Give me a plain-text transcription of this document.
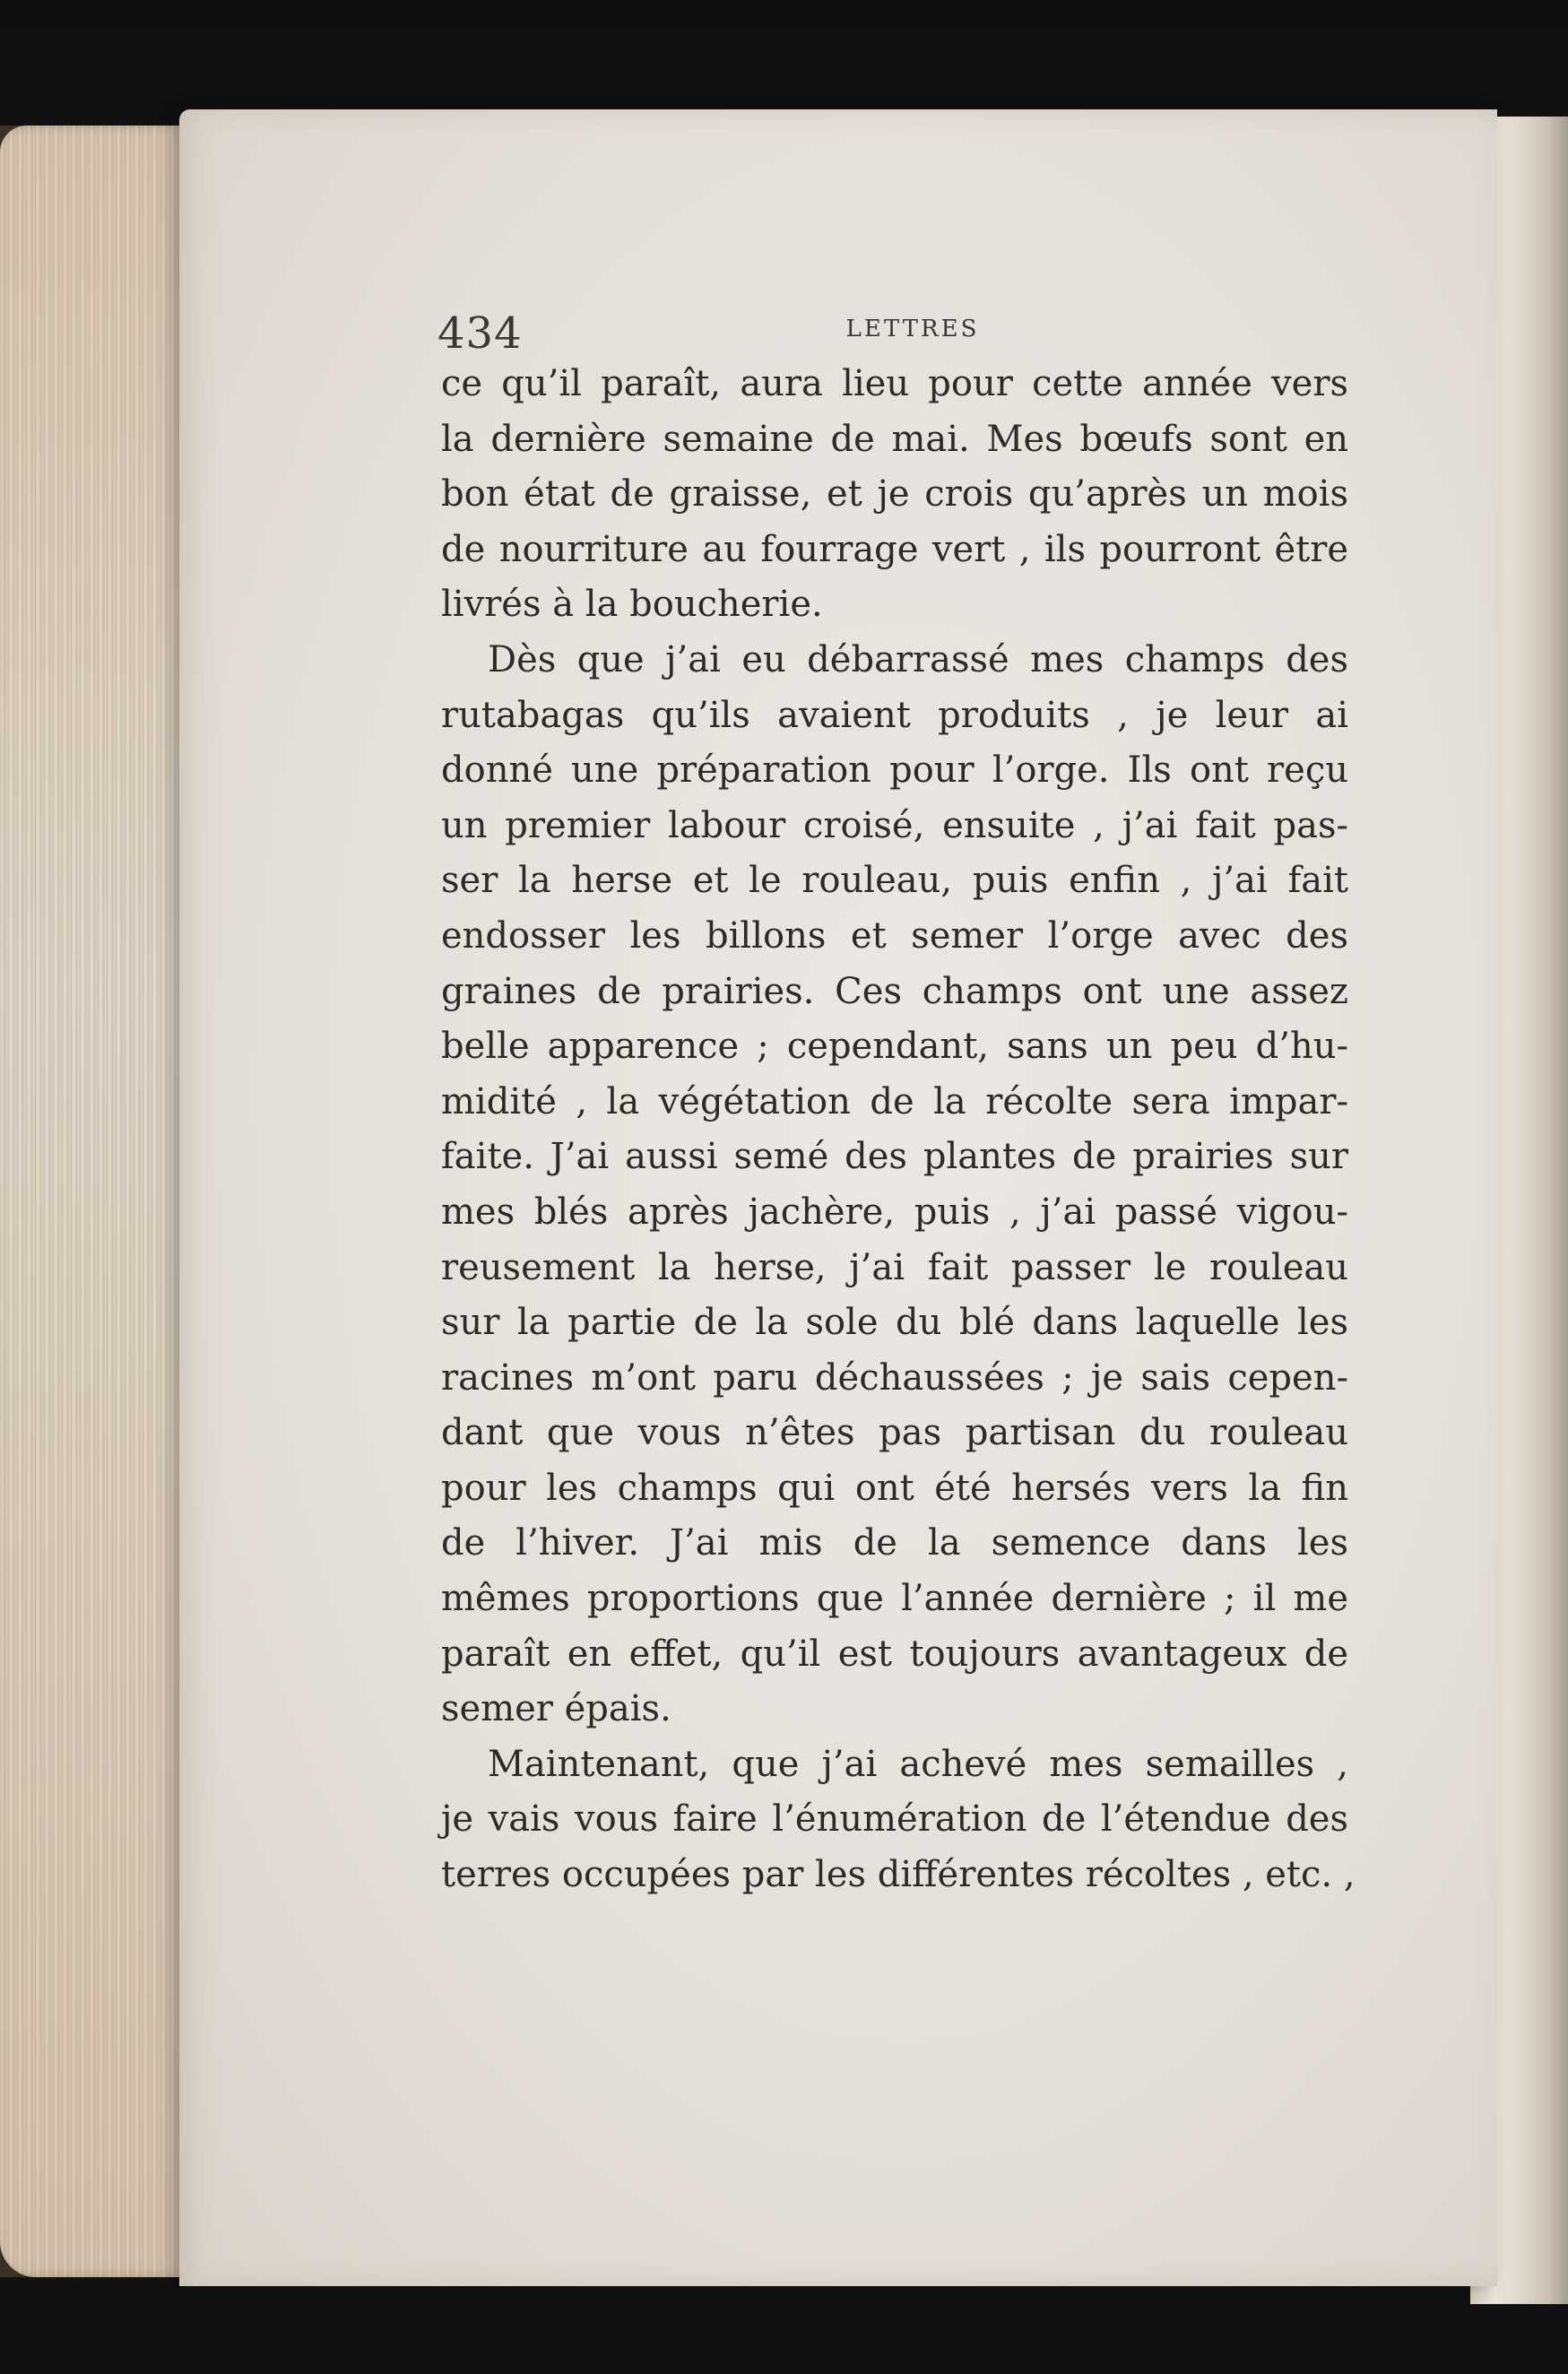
434	LETTRES
ce qu’il paraît, aura lieu pour cette année vers
la dernière semaine de mai. Mes bœufs sont en
bon état de graisse, et je crois qu’après un mois
de nourriture au fourrage vert , ils pourront être
livrés à la boucherie.
Dès que j’ai eu débarrassé mes champs des
rutabagas qu’ils avaient produits , je leur ai
donné une préparation pour l’orge. Ils ont reçu
un premier labour croisé, ensuite , j’ai fait pas-
ser la herse et le rouleau, puis enfin , j’ai fait
endosser les billons et semer l’orge avec des
graines de prairies. Ces champs ont une assez
belle apparence ; cependant, sans un peu d’hu-
midité , la végétation de la récolte sera impar-
faite. J’ai aussi semé des plantes de prairies sur
mes blés après jachère, puis , j’ai passé vigou-
reusement la herse, j’ai fait passer le rouleau
sur la partie de la sole du blé dans laquelle les
racines m’ont paru déchaussées ; je sais cepen-
dant que vous n’êtes pas partisan du rouleau
pour les champs qui ont été hersés vers la fin
de l’hiver. J’ai mis de la semence dans les
mêmes proportions que l’année dernière ; il me
paraît en effet, qu’il est toujours avantageux de
semer épais.
Maintenant, que j’ai achevé mes semailles ,
je vais vous faire l’énumération de l’étendue des
terres occupées par les différentes récoltes , etc. ,
